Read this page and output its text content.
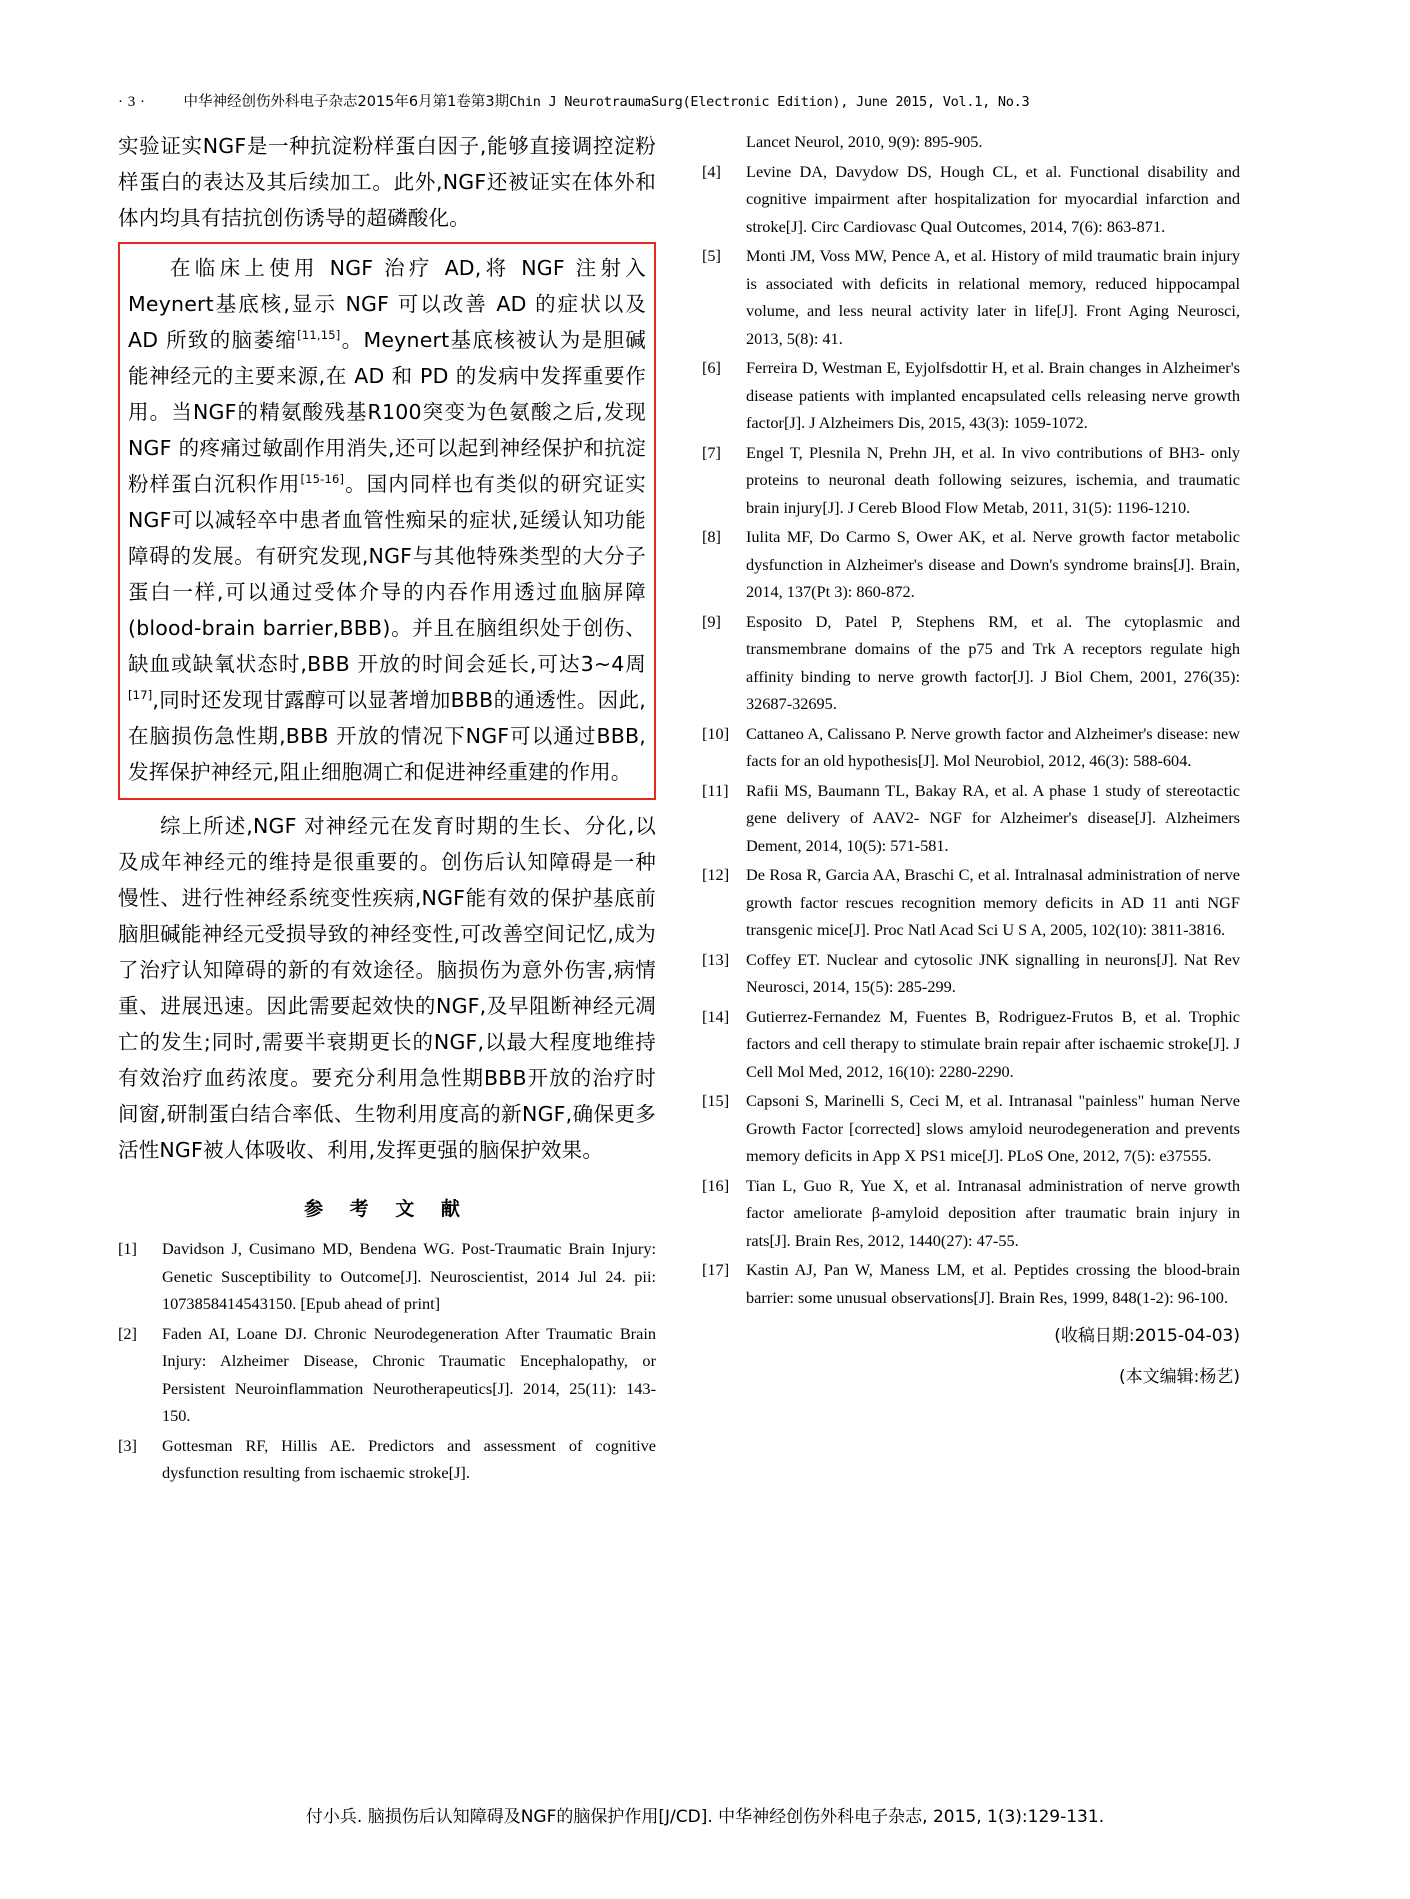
· 3 ·	中华神经创伤外科电子杂志2015年6月第1卷第3期 Chin J NeurotraumaSurg(Electronic Edition), June 2015, Vol.1, No.3

实验证实NGF是一种抗淀粉样蛋白因子,能够直接调控淀粉样蛋白的表达及其后续加工。此外,NGF还被证实在体外和体内均具有拮抗创伤诱导的超磷酸化。

在临床上使用 NGF 治疗 AD,将 NGF 注射入Meynert基底核,显示 NGF 可以改善 AD 的症状以及 AD 所致的脑萎缩[11,15]。Meynert基底核被认为是胆碱能神经元的主要来源,在 AD 和 PD 的发病中发挥重要作用。当NGF的精氨酸残基R100突变为色氨酸之后,发现 NGF 的疼痛过敏副作用消失,还可以起到神经保护和抗淀粉样蛋白沉积作用[15-16]。国内同样也有类似的研究证实NGF可以减轻卒中患者血管性痴呆的症状,延缓认知功能障碍的发展。有研究发现,NGF与其他特殊类型的大分子蛋白一样,可以通过受体介导的内吞作用透过血脑屏障(blood-brain barrier,BBB)。并且在脑组织处于创伤、缺血或缺氧状态时,BBB 开放的时间会延长,可达3~4周[17],同时还发现甘露醇可以显著增加BBB的通透性。因此,在脑损伤急性期,BBB 开放的情况下NGF可以通过BBB,发挥保护神经元,阻止细胞凋亡和促进神经重建的作用。

综上所述,NGF 对神经元在发育时期的生长、分化,以及成年神经元的维持是很重要的。创伤后认知障碍是一种慢性、进行性神经系统变性疾病,NGF能有效的保护基底前脑胆碱能神经元受损导致的神经变性,可改善空间记忆,成为了治疗认知障碍的新的有效途径。脑损伤为意外伤害,病情重、进展迅速。因此需要起效快的NGF,及早阻断神经元凋亡的发生;同时,需要半衰期更长的NGF,以最大程度地维持有效治疗血药浓度。要充分利用急性期BBB开放的治疗时间窗,研制蛋白结合率低、生物利用度高的新NGF,确保更多活性NGF被人体吸收、利用,发挥更强的脑保护效果。

参 考 文 献
[1]	Davidson J, Cusimano MD, Bendena WG. Post-Traumatic Brain Injury: Genetic Susceptibility to Outcome[J]. Neuroscientist, 2014 Jul 24. pii: 1073858414543150. [Epub ahead of print]
[2]	Faden AI, Loane DJ. Chronic Neurodegeneration After Traumatic Brain Injury: Alzheimer Disease, Chronic Traumatic Encephalopathy, or Persistent Neuroinflammation Neurotherapeutics[J]. 2014, 25(11): 143-150.
[3]	Gottesman RF, Hillis AE. Predictors and assessment of cognitive dysfunction resulting from ischaemic stroke[J].
Lancet Neurol, 2010, 9(9): 895-905.
[4]	Levine DA, Davydow DS, Hough CL, et al. Functional disability and cognitive impairment after hospitalization for myocardial infarction and stroke[J]. Circ Cardiovasc Qual Outcomes, 2014, 7(6): 863-871.
[5]	Monti JM, Voss MW, Pence A, et al. History of mild traumatic brain injury is associated with deficits in relational memory, reduced hippocampal volume, and less neural activity later in life[J]. Front Aging Neurosci, 2013, 5(8): 41.
[6]	Ferreira D, Westman E, Eyjolfsdottir H, et al. Brain changes in Alzheimer's disease patients with implanted encapsulated cells releasing nerve growth factor[J]. J Alzheimers Dis, 2015, 43(3): 1059-1072.
[7]	Engel T, Plesnila N, Prehn JH, et al. In vivo contributions of BH3- only proteins to neuronal death following seizures, ischemia, and traumatic brain injury[J]. J Cereb Blood Flow Metab, 2011, 31(5): 1196-1210.
[8]	Iulita MF, Do Carmo S, Ower AK, et al. Nerve growth factor metabolic dysfunction in Alzheimer's disease and Down's syndrome brains[J]. Brain, 2014, 137(Pt 3): 860-872.
[9]	Esposito D, Patel P, Stephens RM, et al. The cytoplasmic and transmembrane domains of the p75 and Trk A receptors regulate high affinity binding to nerve growth factor[J]. J Biol Chem, 2001, 276(35): 32687-32695.
[10]	Cattaneo A, Calissano P. Nerve growth factor and Alzheimer's disease: new facts for an old hypothesis[J]. Mol Neurobiol, 2012, 46(3): 588-604.
[11]	Rafii MS, Baumann TL, Bakay RA, et al. A phase 1 study of stereotactic gene delivery of AAV2- NGF for Alzheimer's disease[J]. Alzheimers Dement, 2014, 10(5): 571-581.
[12]	De Rosa R, Garcia AA, Braschi C, et al. Intralnasal administration of nerve growth factor rescues recognition memory deficits in AD 11 anti NGF transgenic mice[J]. Proc Natl Acad Sci U S A, 2005, 102(10): 3811-3816.
[13]	Coffey ET. Nuclear and cytosolic JNK signalling in neurons[J]. Nat Rev Neurosci, 2014, 15(5): 285-299.
[14]	Gutierrez-Fernandez M, Fuentes B, Rodriguez-Frutos B, et al. Trophic factors and cell therapy to stimulate brain repair after ischaemic stroke[J]. J Cell Mol Med, 2012, 16(10): 2280-2290.
[15]	Capsoni S, Marinelli S, Ceci M, et al. Intranasal "painless" human Nerve Growth Factor [corrected] slows amyloid neurodegeneration and prevents memory deficits in App X PS1 mice[J]. PLoS One, 2012, 7(5): e37555.
[16]	Tian L, Guo R, Yue X, et al. Intranasal administration of nerve growth factor ameliorate β-amyloid deposition after traumatic brain injury in rats[J]. Brain Res, 2012, 1440(27): 47-55.
[17]	Kastin AJ, Pan W, Maness LM, et al. Peptides crossing the blood-brain barrier: some unusual observations[J]. Brain Res, 1999, 848(1-2): 96-100.
(收稿日期:2015-04-03)
(本文编辑:杨艺)
付小兵. 脑损伤后认知障碍及NGF的脑保护作用[J/CD]. 中华神经创伤外科电子杂志, 2015, 1(3):129-131.
